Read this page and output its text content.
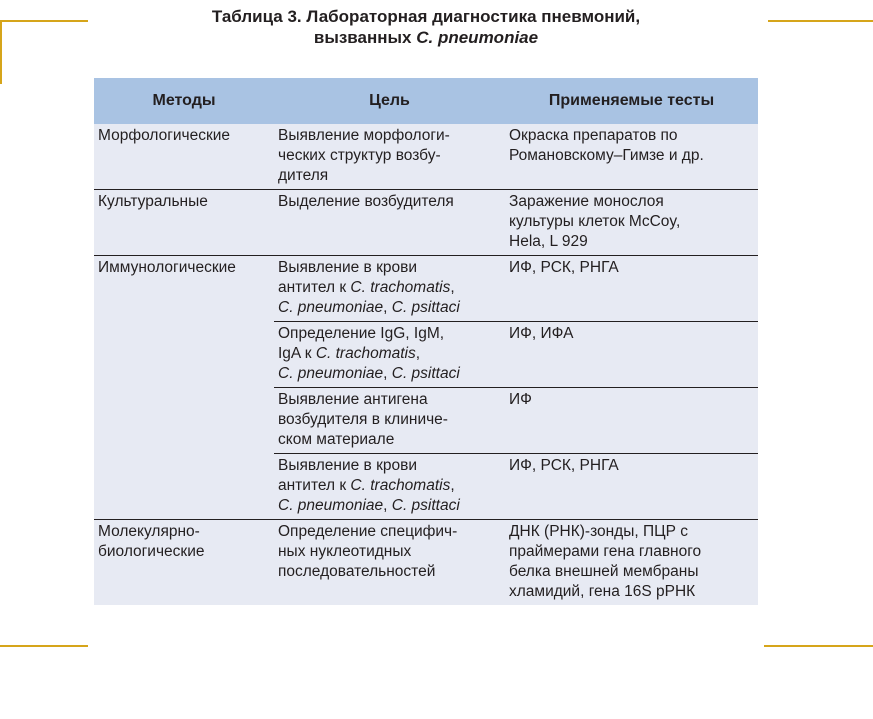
Таблица 3. Лабораторная диагностика пневмоний,
вызванных C. pneumoniae
Методы	Цель	Применяемые тесты

Морфологические	Выявление морфологи-
ческих структур возбу-
дителя	Окраска препаратов по
Романовскому–Гимзе и др.

Культуральные	Выделение возбудителя	Заражение монослоя
культуры клеток McCoy,
Hela, L 929

Иммунологические	Выявление в крови
антител к C. trachomatis,
C. pneumoniae, C. psittaci	ИФ, РСК, РНГА

	Определение IgG, IgM,
IgA к C. trachomatis,
C. pneumoniae, C. psittaci	ИФ, ИФА

	Выявление антигена
возбудителя в клиниче-
ском материале	ИФ

	Выявление в крови
антител к C. trachomatis,
C. pneumoniae, C. psittaci	ИФ, РСК, РНГА

Молекулярно-
биологические	Определение специфич-
ных нуклеотидных
последовательностей	ДНК (РНК)-зонды, ПЦР с
праймерами гена главного
белка внешней мембраны
хламидий, гена 16S рРНК
